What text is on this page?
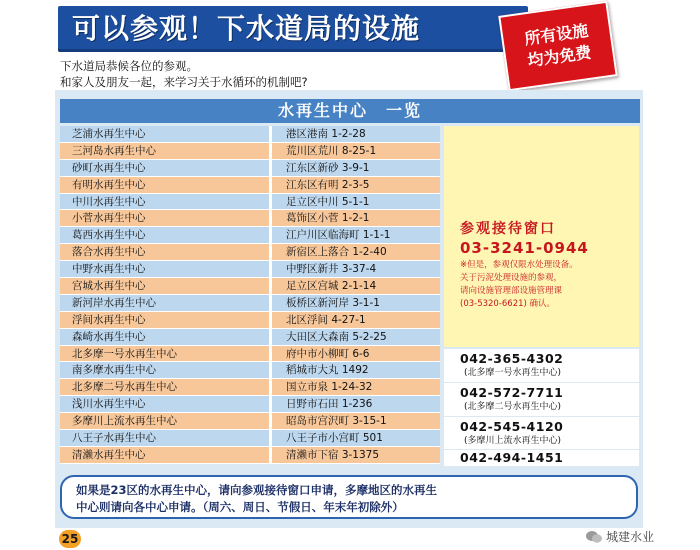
可以参观！下水道局的设施	所有设施
均为免费
下水道局恭候各位的参观。
和家人及朋友一起，来学习关于水循环的机制吧?
水再生中心　一览
芝浦水再生中心	港区港南 1-2-28
三河岛水再生中心	荒川区荒川 8-25-1
砂町水再生中心	江东区新砂 3-9-1
有明水再生中心	江东区有明 2-3-5
中川水再生中心	足立区中川 5-1-1
小菅水再生中心	葛饰区小菅 1-2-1
葛西水再生中心	江户川区临海町 1-1-1
落合水再生中心	新宿区上落合 1-2-40
中野水再生中心	中野区新井 3-37-4
宫城水再生中心	足立区宫城 2-1-14
新河岸水再生中心	板桥区新河岸 3-1-1
浮间水再生中心	北区浮间 4-27-1
森崎水再生中心	大田区大森南 5-2-25
北多摩一号水再生中心	府中市小柳町 6-6
南多摩水再生中心	稻城市大丸 1492
北多摩二号水再生中心	国立市泉 1-24-32
浅川水再生中心	日野市石田 1-236
多摩川上流水再生中心	昭岛市宫沢町 3-15-1
八王子水再生中心	八王子市小宫町 501
清濑水再生中心	清濑市下宿 3-1375
参观接待窗口
03-3241-0944
※但是，参观仅限水处理设备。
关于污泥处理设施的参观，
请向设施管理部设施管理课
(03-5320-6621) 确认。
042-365-4302
(北多摩一号水再生中心)
042-572-7711
(北多摩二号水再生中心)
042-545-4120
(多摩川上流水再生中心)
042-494-1451
如果是23区的水再生中心，请向参观接待窗口申请，多摩地区的水再生
中心则请向各中心申请。（周六、周日、节假日、年末年初除外）
25	城建水业
